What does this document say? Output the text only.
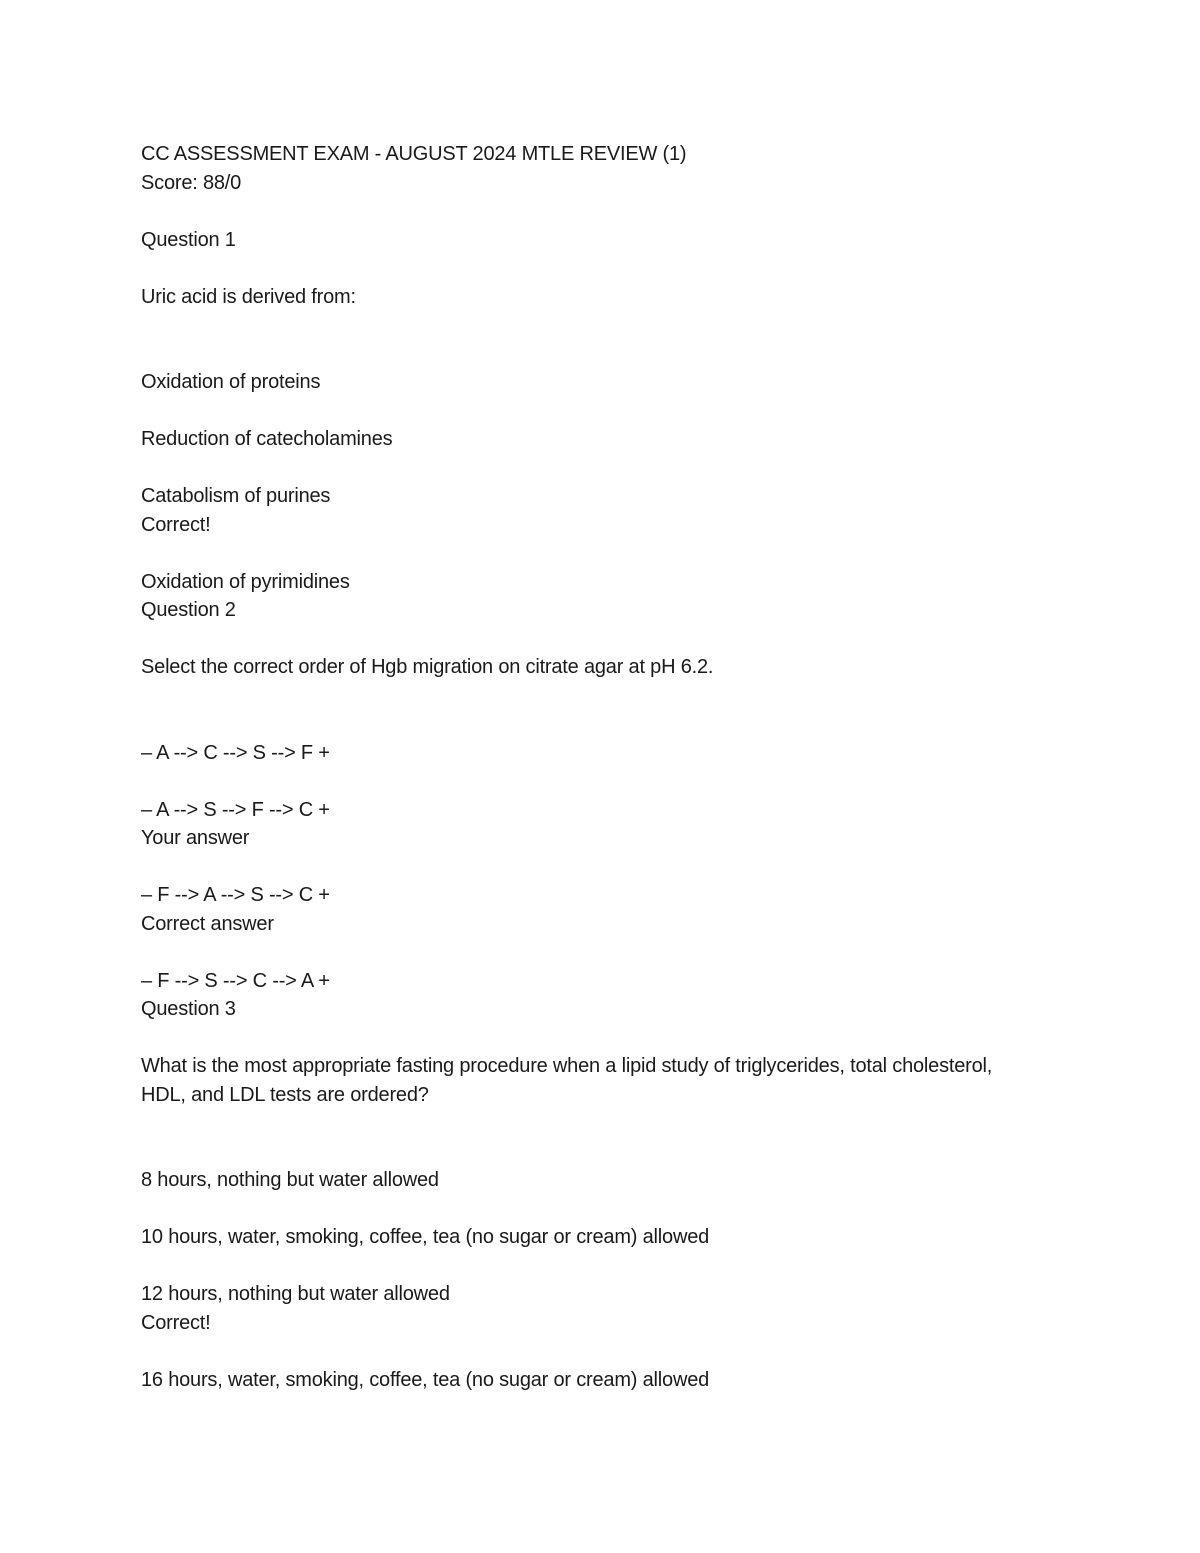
CC ASSESSMENT EXAM - AUGUST 2024 MTLE REVIEW (1)
Score: 88/0
Question 1
Uric acid is derived from:
Oxidation of proteins
Reduction of catecholamines
Catabolism of purines
Correct!
Oxidation of pyrimidines
Question 2
Select the correct order of Hgb migration on citrate agar at pH 6.2.
– A --> C --> S --> F +
– A --> S --> F --> C +
Your answer
– F --> A --> S --> C +
Correct answer
– F --> S --> C --> A +
Question 3
What is the most appropriate fasting procedure when a lipid study of triglycerides, total cholesterol, HDL, and LDL tests are ordered?
8 hours, nothing but water allowed
10 hours, water, smoking, coffee, tea (no sugar or cream) allowed
12 hours, nothing but water allowed
Correct!
16 hours, water, smoking, coffee, tea (no sugar or cream) allowed
